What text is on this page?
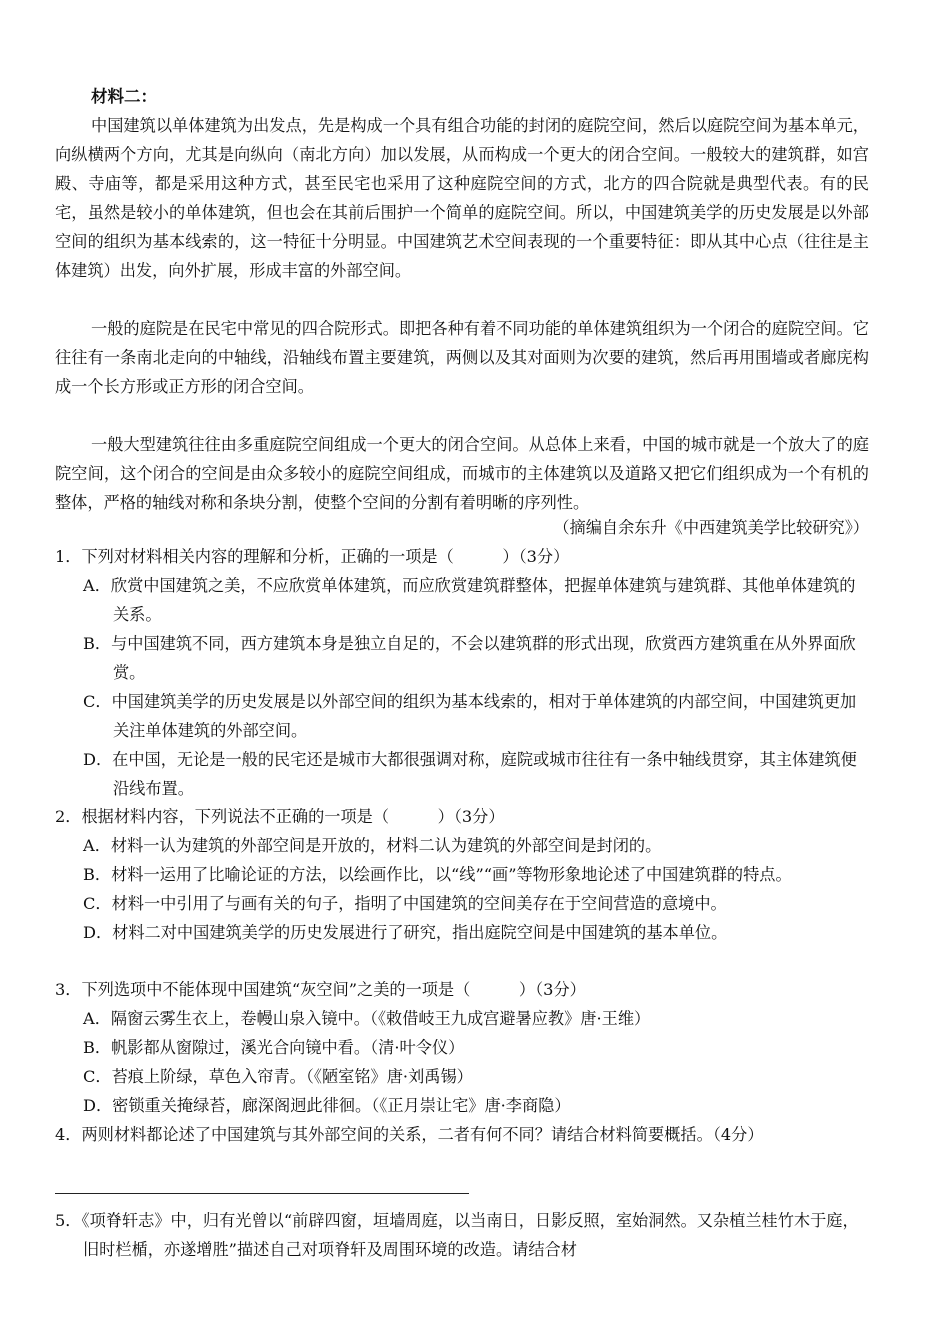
材料二：

中国建筑以单体建筑为出发点，先是构成一个具有组合功能的封闭的庭院空间，然后以庭院空间为基本单元，向纵横两个方向，尤其是向纵向（南北方向）加以发展，从而构成一个更大的闭合空间。一般较大的建筑群，如宫殿、寺庙等，都是采用这种方式，甚至民宅也采用了这种庭院空间的方式，北方的四合院就是典型代表。有的民宅，虽然是较小的单体建筑，但也会在其前后围护一个简单的庭院空间。所以，中国建筑美学的历史发展是以外部空间的组织为基本线索的，这一特征十分明显。中国建筑艺术空间表现的一个重要特征：即从其中心点（往往是主体建筑）出发，向外扩展，形成丰富的外部空间。

一般的庭院是在民宅中常见的四合院形式。即把各种有着不同功能的单体建筑组织为一个闭合的庭院空间。它往往有一条南北走向的中轴线，沿轴线布置主要建筑，两侧以及其对面则为次要的建筑，然后再用围墙或者廊庑构成一个长方形或正方形的闭合空间。

一般大型建筑往往由多重庭院空间组成一个更大的闭合空间。从总体上来看，中国的城市就是一个放大了的庭院空间，这个闭合的空间是由众多较小的庭院空间组成，而城市的主体建筑以及道路又把它们组织成为一个有机的整体，严格的轴线对称和条块分割，使整个空间的分割有着明晰的序列性。

（摘编自余东升《中西建筑美学比较研究》）
1．下列对材料相关内容的理解和分析，正确的一项是（　　　）（3分）
A．欣赏中国建筑之美，不应欣赏单体建筑，而应欣赏建筑群整体，把握单体建筑与建筑群、其他单体建筑的关系。
B．与中国建筑不同，西方建筑本身是独立自足的，不会以建筑群的形式出现，欣赏西方建筑重在从外界面欣赏。
C．中国建筑美学的历史发展是以外部空间的组织为基本线索的，相对于单体建筑的内部空间，中国建筑更加关注单体建筑的外部空间。
D．在中国，无论是一般的民宅还是城市大都很强调对称，庭院或城市往往有一条中轴线贯穿，其主体建筑便沿线布置。
2．根据材料内容，下列说法不正确的一项是（　　　）（3分）
A．材料一认为建筑的外部空间是开放的，材料二认为建筑的外部空间是封闭的。
B．材料一运用了比喻论证的方法，以绘画作比，以“线”“画”等物形象地论述了中国建筑群的特点。
C．材料一中引用了与画有关的句子，指明了中国建筑的空间美存在于空间营造的意境中。
D．材料二对中国建筑美学的历史发展进行了研究，指出庭院空间是中国建筑的基本单位。
3．下列选项中不能体现中国建筑“灰空间”之美的一项是（　　　）（3分）
A．隔窗云雾生衣上，卷幔山泉入镜中。（《敕借岐王九成宫避暑应教》唐·王维）
B．帆影都从窗隙过，溪光合向镜中看。（清·叶令仪）
C．苔痕上阶绿，草色入帘青。（《陋室铭》唐·刘禹锡）
D．密锁重关掩绿苔，廊深阁迥此徘徊。（《正月崇让宅》唐·李商隐）
4．两则材料都论述了中国建筑与其外部空间的关系，二者有何不同？请结合材料简要概括。（4分）
5．《项脊轩志》中，归有光曾以“前辟四窗，垣墙周庭，以当南日，日影反照，室始洞然。又杂植兰桂竹木于庭，旧时栏楯，亦遂增胜”描述自己对项脊轩及周围环境的改造。请结合材
